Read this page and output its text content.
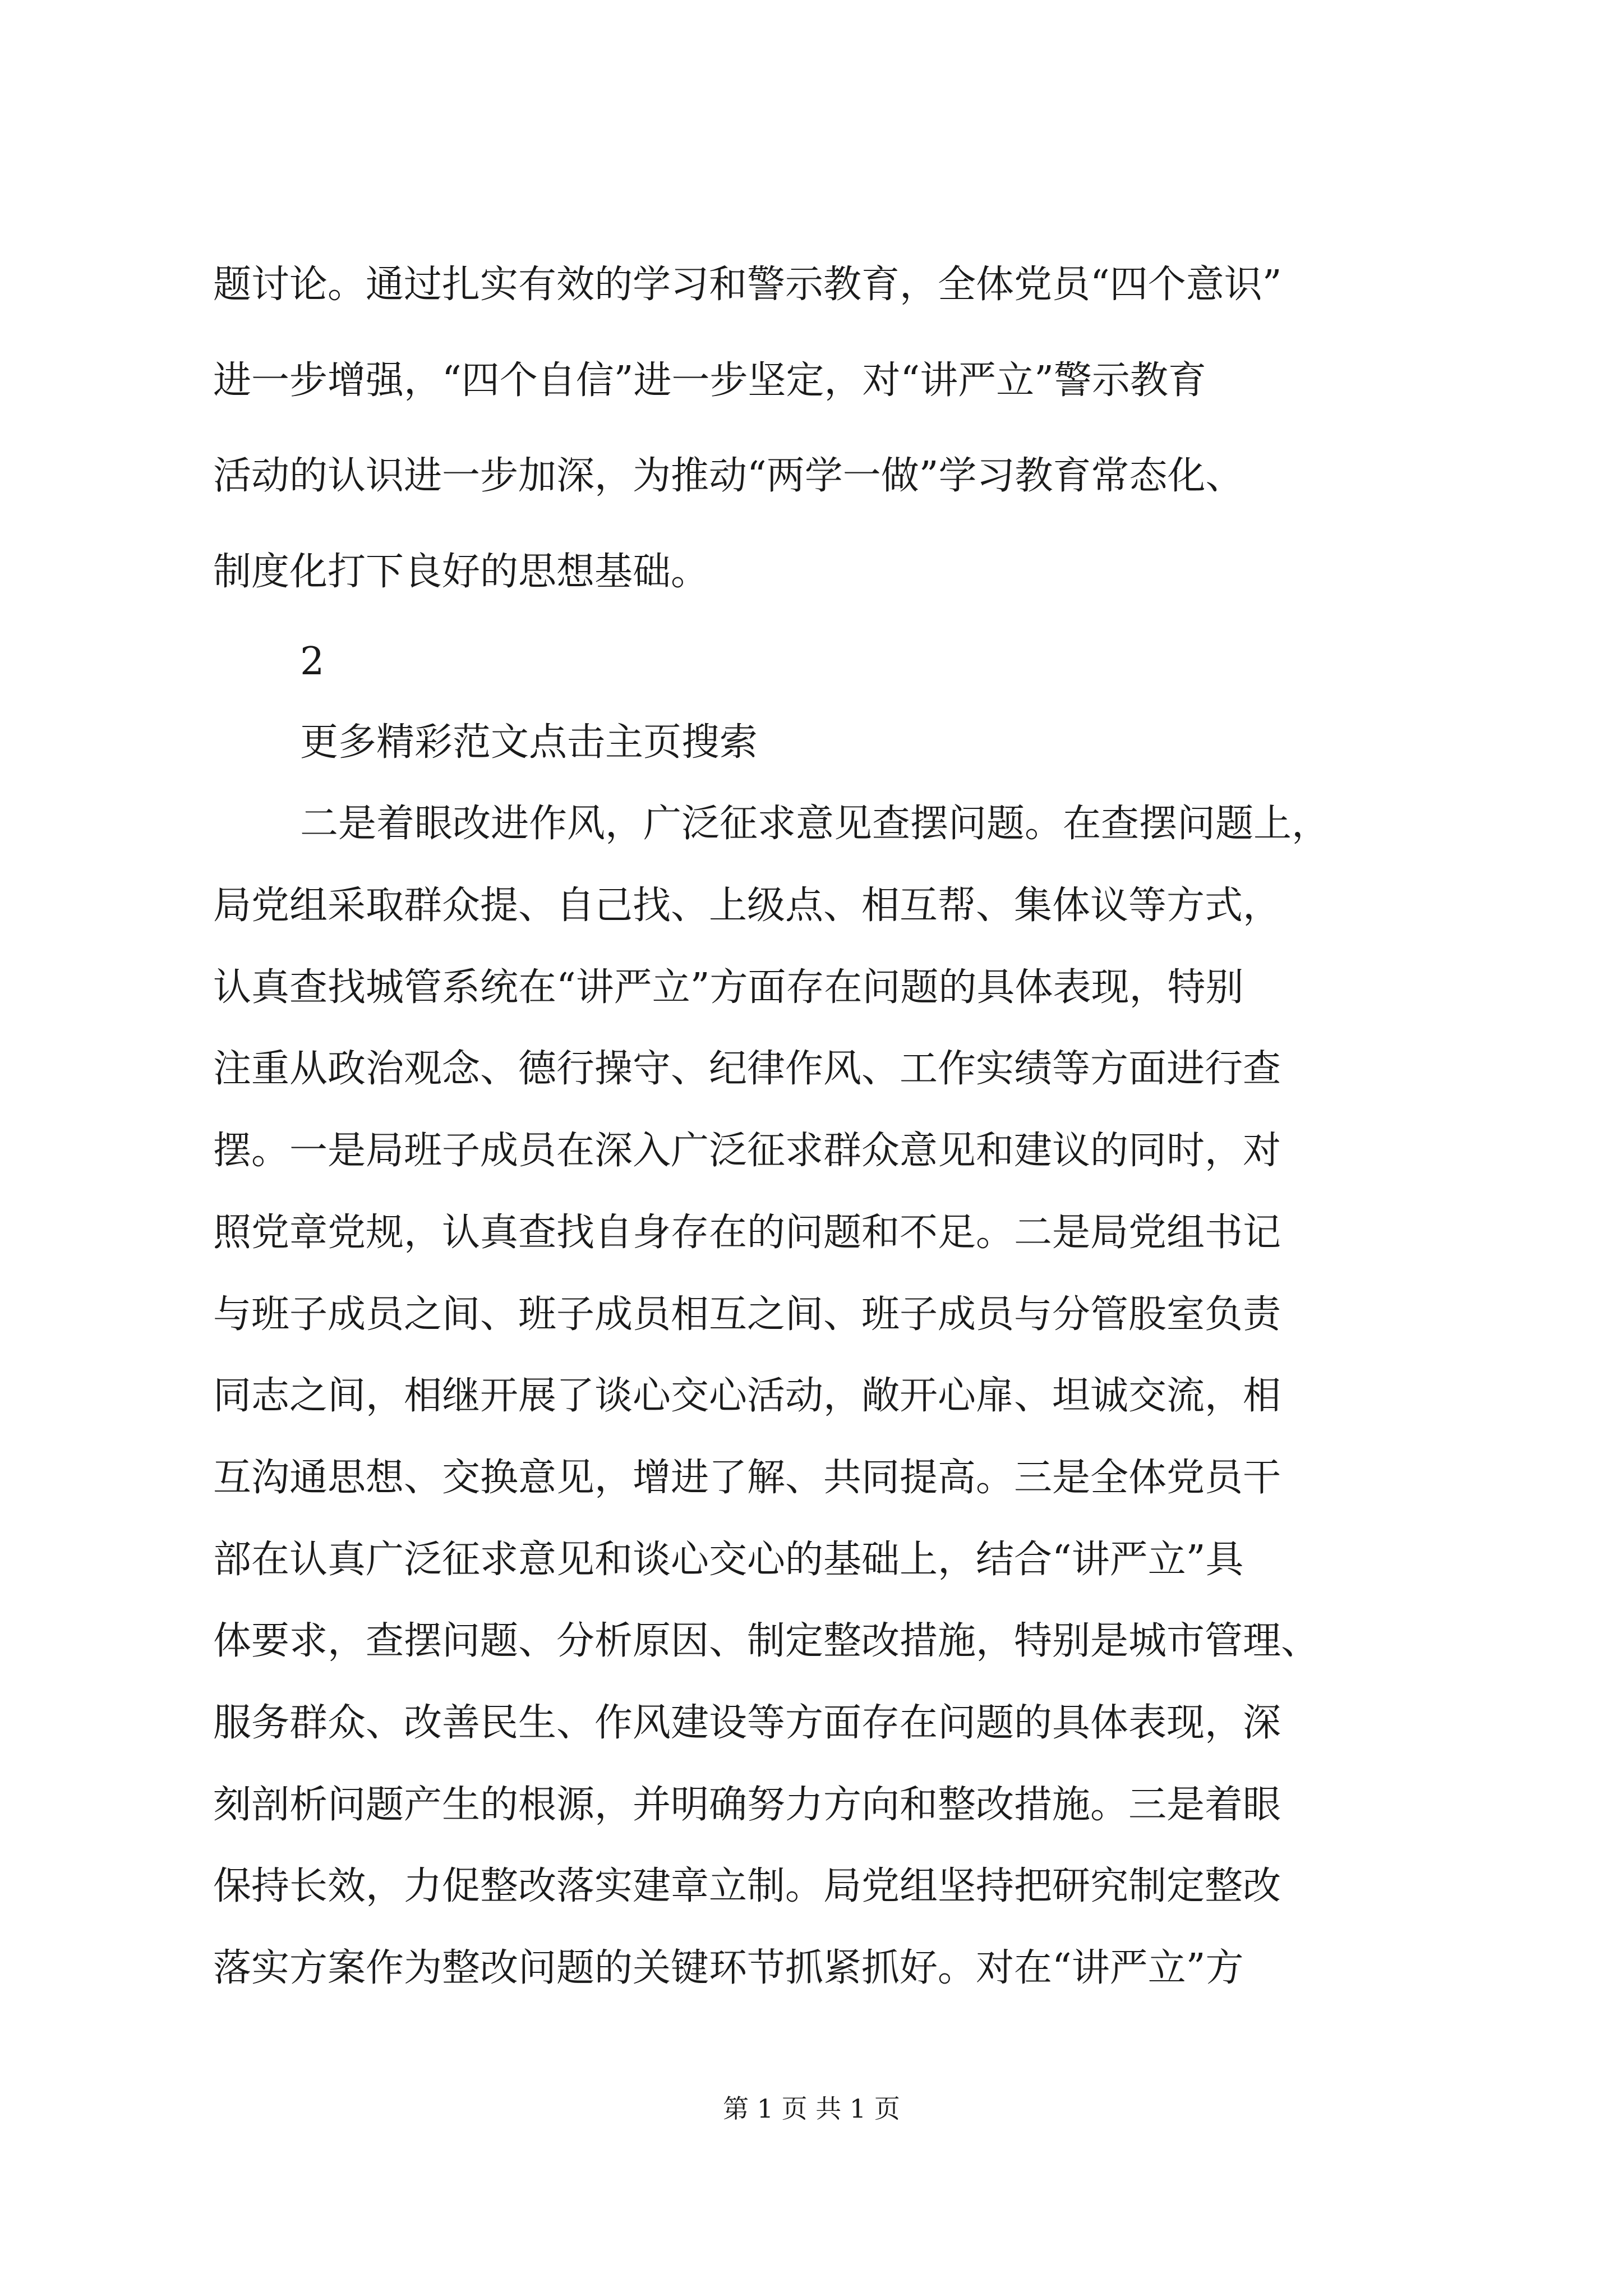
题讨论。通过扎实有效的学习和警示教育，全体党员“四个意识”
进一步增强，“四个自信”进一步坚定，对“讲严立”警示教育
活动的认识进一步加深，为推动“两学一做”学习教育常态化、
制度化打下良好的思想基础。
2
更多精彩范文点击主页搜索
二是着眼改进作风，广泛征求意见查摆问题。在查摆问题上，
局党组采取群众提、自己找、上级点、相互帮、集体议等方式，
认真查找城管系统在“讲严立”方面存在问题的具体表现，特别
注重从政治观念、德行操守、纪律作风、工作实绩等方面进行查
摆。一是局班子成员在深入广泛征求群众意见和建议的同时，对
照党章党规，认真查找自身存在的问题和不足。二是局党组书记
与班子成员之间、班子成员相互之间、班子成员与分管股室负责
同志之间，相继开展了谈心交心活动，敞开心扉、坦诚交流，相
互沟通思想、交换意见，增进了解、共同提高。三是全体党员干
部在认真广泛征求意见和谈心交心的基础上，结合“讲严立”具
体要求，查摆问题、分析原因、制定整改措施，特别是城市管理、
服务群众、改善民生、作风建设等方面存在问题的具体表现，深
刻剖析问题产生的根源，并明确努力方向和整改措施。三是着眼
保持长效，力促整改落实建章立制。局党组坚持把研究制定整改
落实方案作为整改问题的关键环节抓紧抓好。对在“讲严立”方
第 1 页 共 1 页
